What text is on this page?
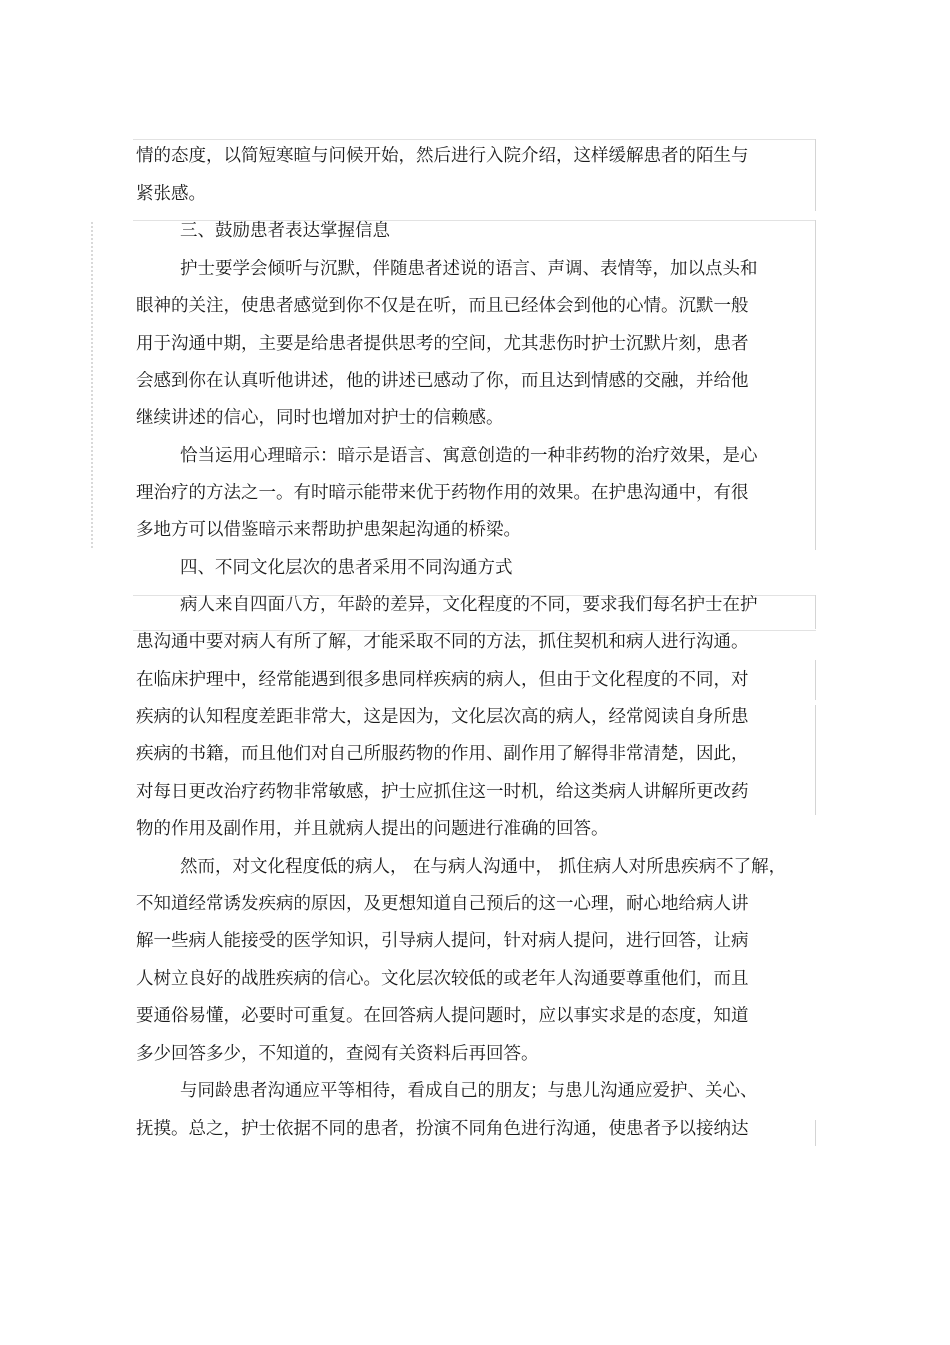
情的态度，以简短寒暄与问候开始，然后进行入院介绍，这样缓解患者的陌生与

紧张感。

三、鼓励患者表达掌握信息

护士要学会倾听与沉默，伴随患者述说的语言、声调、表情等，加以点头和

眼神的关注，使患者感觉到你不仅是在听，而且已经体会到他的心情。沉默一般

用于沟通中期，主要是给患者提供思考的空间，尤其悲伤时护士沉默片刻，患者

会感到你在认真听他讲述，他的讲述已感动了你，而且达到情感的交融，并给他

继续讲述的信心，同时也增加对护士的信赖感。

恰当运用心理暗示：暗示是语言、寓意创造的一种非药物的治疗效果，是心

理治疗的方法之一。有时暗示能带来优于药物作用的效果。在护患沟通中，有很

多地方可以借鉴暗示来帮助护患架起沟通的桥梁。

四、不同文化层次的患者采用不同沟通方式

病人来自四面八方，年龄的差异，文化程度的不同，要求我们每名护士在护

患沟通中要对病人有所了解，才能采取不同的方法，抓住契机和病人进行沟通。

在临床护理中，经常能遇到很多患同样疾病的病人，但由于文化程度的不同，对

疾病的认知程度差距非常大，这是因为，文化层次高的病人，经常阅读自身所患

疾病的书籍，而且他们对自己所服药物的作用、副作用了解得非常清楚，因此，

对每日更改治疗药物非常敏感，护士应抓住这一时机，给这类病人讲解所更改药

物的作用及副作用，并且就病人提出的问题进行准确的回答。

然而，对文化程度低的病人， 在与病人沟通中， 抓住病人对所患疾病不了解，

不知道经常诱发疾病的原因，及更想知道自己预后的这一心理，耐心地给病人讲

解一些病人能接受的医学知识，引导病人提问，针对病人提问，进行回答，让病

人树立良好的战胜疾病的信心。文化层次较低的或老年人沟通要尊重他们，而且

要通俗易懂，必要时可重复。在回答病人提问题时，应以事实求是的态度，知道

多少回答多少，不知道的，查阅有关资料后再回答。

与同龄患者沟通应平等相待，看成自己的朋友；与患儿沟通应爱护、关心、

抚摸。总之，护士依据不同的患者，扮演不同角色进行沟通，使患者予以接纳达
